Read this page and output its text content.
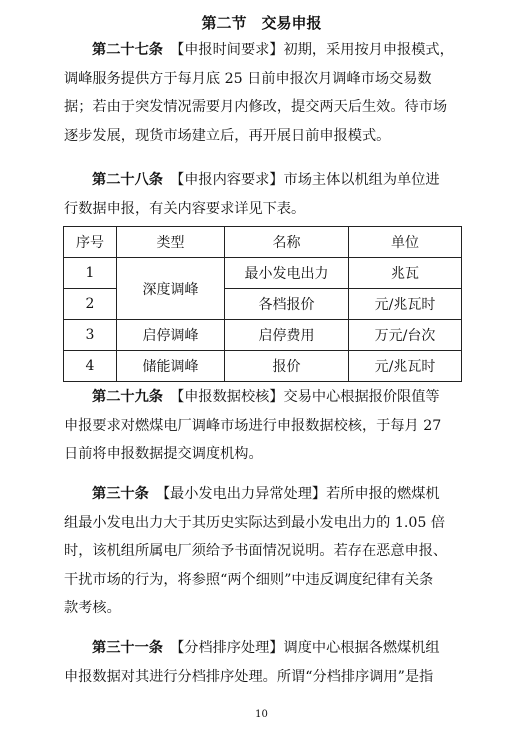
第二节　交易申报
第二十七条　【申报时间要求】初期，采用按月申报模式，
调峰服务提供方于每月底 25 日前申报次月调峰市场交易数
据；若由于突发情况需要月内修改，提交两天后生效。待市场
逐步发展，现货市场建立后，再开展日前申报模式。
第二十八条　【申报内容要求】市场主体以机组为单位进
行数据申报，有关内容要求详见下表。
序号	类型	名称	单位
1	深度调峰	最小发电出力	兆瓦
2		各档报价	元/兆瓦时
3	启停调峰	启停费用	万元/台次
4	储能调峰	报价	元/兆瓦时
第二十九条　【申报数据校核】交易中心根据报价限值等
申报要求对燃煤电厂调峰市场进行申报数据校核，于每月 27
日前将申报数据提交调度机构。
第三十条　【最小发电出力异常处理】若所申报的燃煤机
组最小发电出力大于其历史实际达到最小发电出力的 1.05 倍
时，该机组所属电厂须给予书面情况说明。若存在恶意申报、
干扰市场的行为，将参照“两个细则”中违反调度纪律有关条
款考核。
第三十一条　【分档排序处理】调度中心根据各燃煤机组
申报数据对其进行分档排序处理。所谓“分档排序调用”是指
10
